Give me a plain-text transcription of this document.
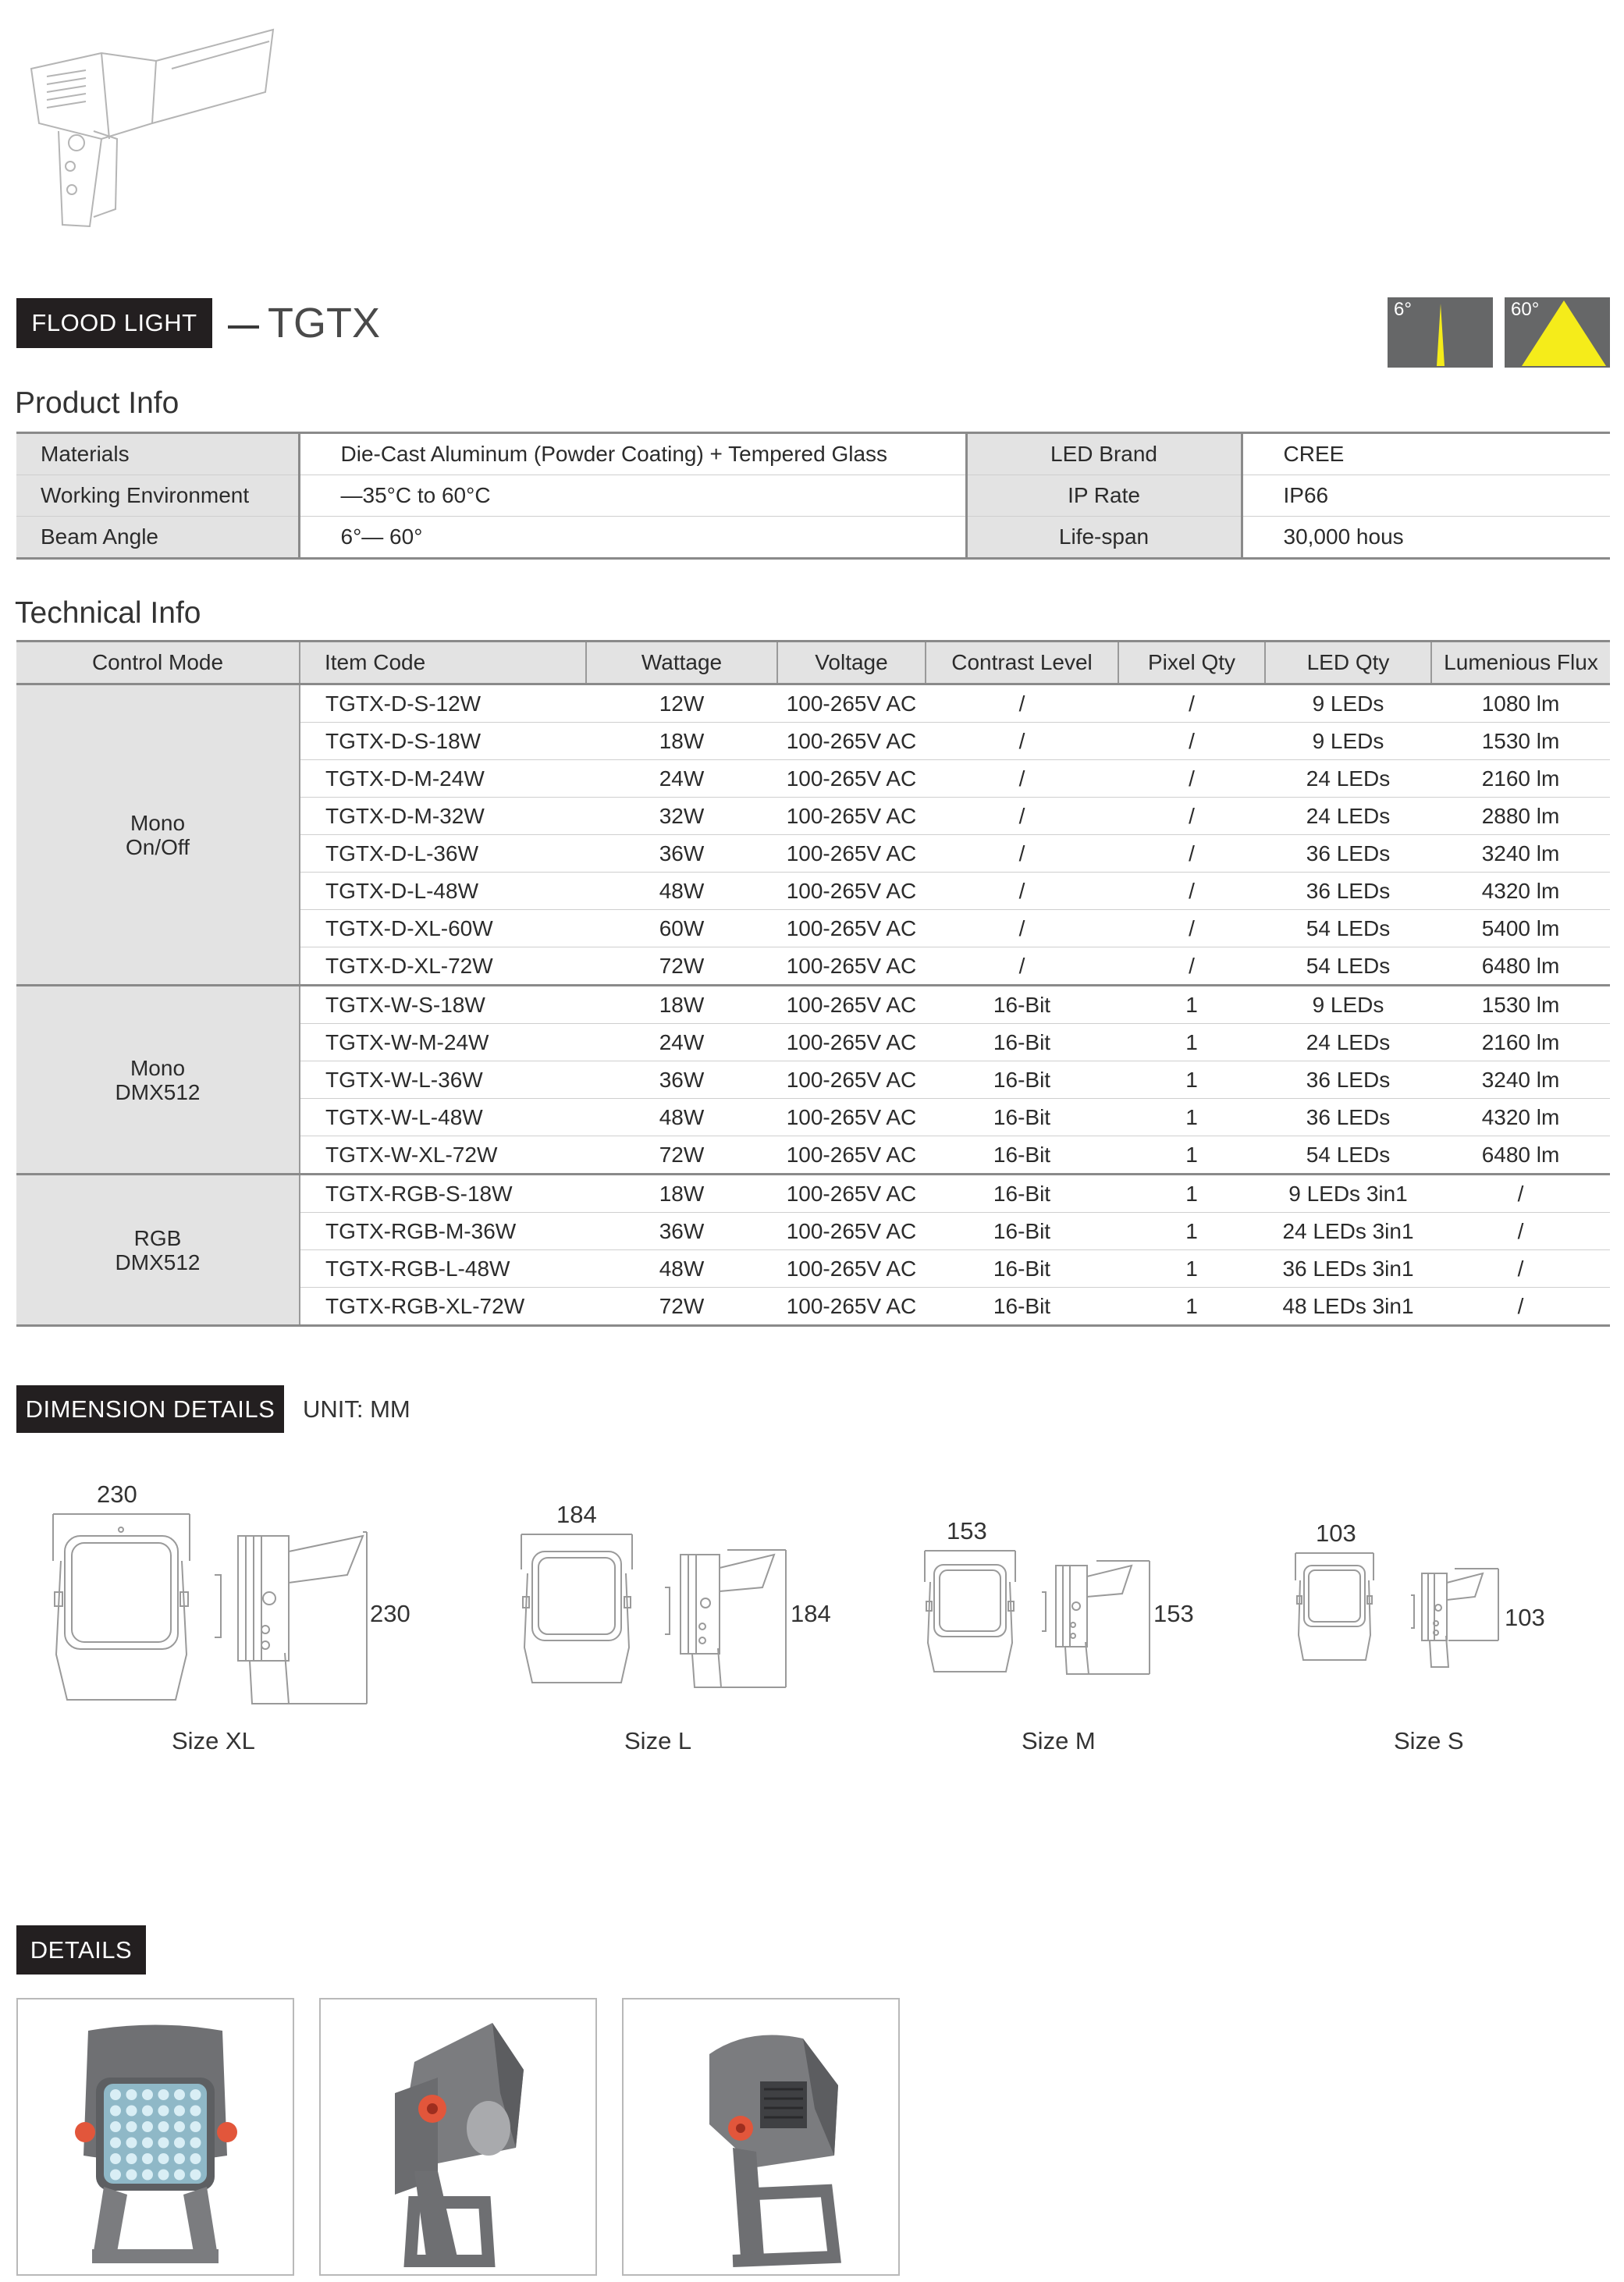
FLOOD LIGHT	TGTX	6°	60°
Product Info
Materials	Die-Cast Aluminum (Powder Coating) + Tempered Glass	LED Brand	CREE
Working Environment	—35°C to 60°C	IP Rate	IP66
Beam Angle	6°— 60°	Life-span	30,000 hous
Technical Info
Control Mode	Item Code	Wattage	Voltage	Contrast Level	Pixel Qty	LED Qty	Lumenious Flux

Mono
On/Off	TGTX-D-S-12W	12W	100-265V AC	/	/	9 LEDs	1080 lm
	TGTX-D-S-18W	18W	100-265V AC	/	/	9 LEDs	1530 lm
	TGTX-D-M-24W	24W	100-265V AC	/	/	24 LEDs	2160 lm
	TGTX-D-M-32W	32W	100-265V AC	/	/	24 LEDs	2880 lm
	TGTX-D-L-36W	36W	100-265V AC	/	/	36 LEDs	3240 lm
	TGTX-D-L-48W	48W	100-265V AC	/	/	36 LEDs	4320 lm
	TGTX-D-XL-60W	60W	100-265V AC	/	/	54 LEDs	5400 lm
	TGTX-D-XL-72W	72W	100-265V AC	/	/	54 LEDs	6480 lm

Mono
DMX512	TGTX-W-S-18W	18W	100-265V AC	16-Bit	1	9 LEDs	1530 lm
	TGTX-W-M-24W	24W	100-265V AC	16-Bit	1	24 LEDs	2160 lm
	TGTX-W-L-36W	36W	100-265V AC	16-Bit	1	36 LEDs	3240 lm
	TGTX-W-L-48W	48W	100-265V AC	16-Bit	1	36 LEDs	4320 lm
	TGTX-W-XL-72W	72W	100-265V AC	16-Bit	1	54 LEDs	6480 lm

RGB
DMX512	TGTX-RGB-S-18W	18W	100-265V AC	16-Bit	1	9 LEDs 3in1	/
	TGTX-RGB-M-36W	36W	100-265V AC	16-Bit	1	24 LEDs 3in1	/
	TGTX-RGB-L-48W	48W	100-265V AC	16-Bit	1	36 LEDs 3in1	/
	TGTX-RGB-XL-72W	72W	100-265V AC	16-Bit	1	48 LEDs 3in1	/
DIMENSION DETAILS	UNIT: MM
230
230
Size XL
184
184
Size L
153
153
Size M
103
103
Size S
DETAILS
